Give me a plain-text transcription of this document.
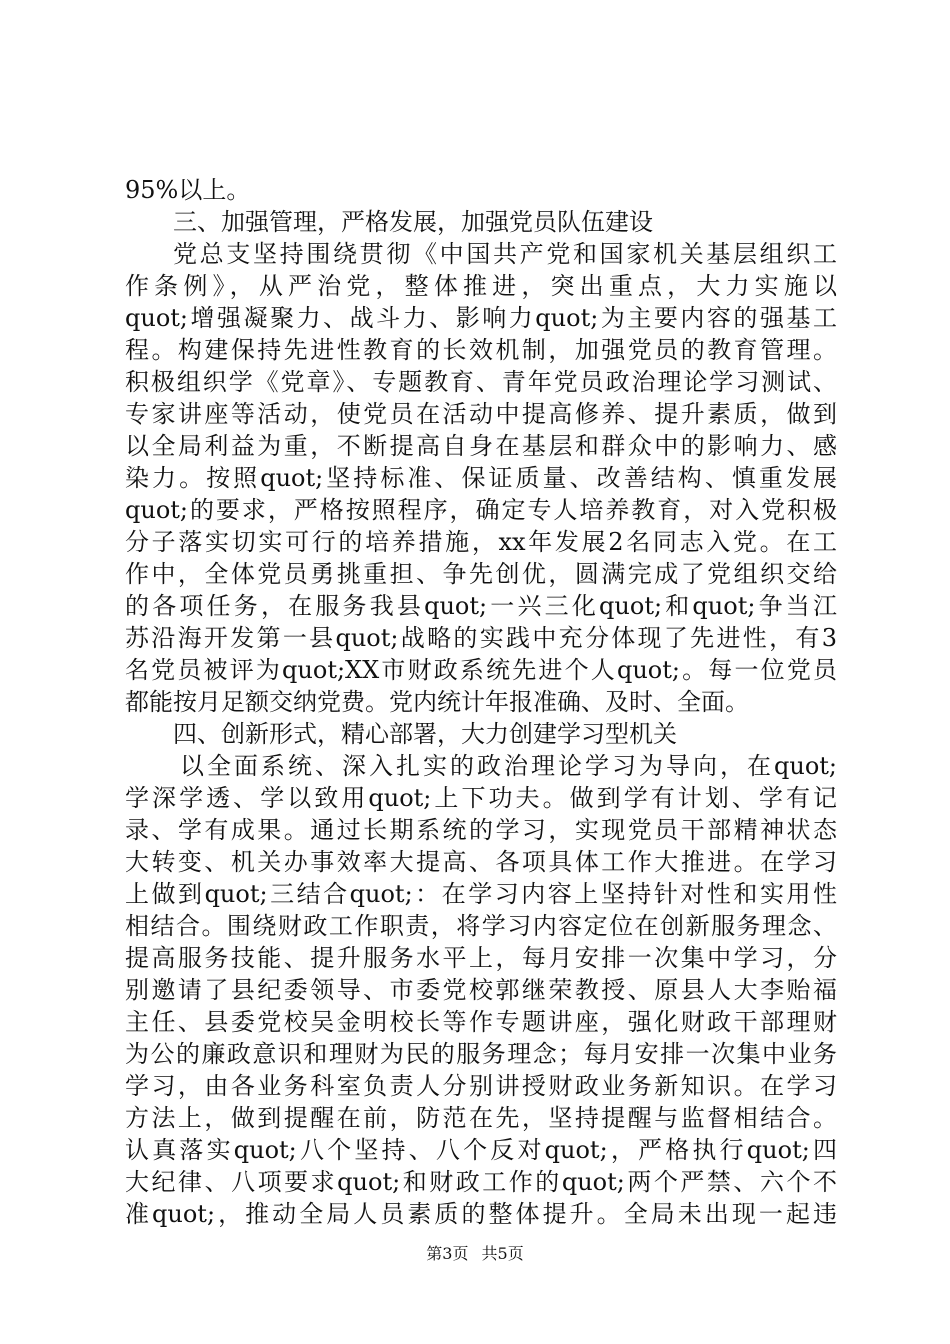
95%以上。
三、加强管理，严格发展，加强党员队伍建设
党总支坚持围绕贯彻《中国共产党和国家机关基层组织工
作条例》，从严治党，整体推进，突出重点，大力实施以
quot;增强凝聚力、战斗力、影响力quot;为主要内容的强基工
程。构建保持先进性教育的长效机制，加强党员的教育管理。
积极组织学《党章》、专题教育、青年党员政治理论学习测试、
专家讲座等活动，使党员在活动中提高修养、提升素质，做到
以全局利益为重，不断提高自身在基层和群众中的影响力、感
染力。按照quot;坚持标准、保证质量、改善结构、慎重发展
quot;的要求，严格按照程序，确定专人培养教育，对入党积极
分子落实切实可行的培养措施，xx年发展2名同志入党。在工
作中，全体党员勇挑重担、争先创优，圆满完成了党组织交给
的各项任务，在服务我县quot;一兴三化quot;和quot;争当江
苏沿海开发第一县quot;战略的实践中充分体现了先进性，有3
名党员被评为quot;XX市财政系统先进个人quot;。每一位党员
都能按月足额交纳党费。党内统计年报准确、及时、全面。
四、创新形式，精心部署，大力创建学习型机关
以全面系统、深入扎实的政治理论学习为导向，在quot;
学深学透、学以致用quot;上下功夫。做到学有计划、学有记
录、学有成果。通过长期系统的学习，实现党员干部精神状态
大转变、机关办事效率大提高、各项具体工作大推进。在学习
上做到quot;三结合quot;：在学习内容上坚持针对性和实用性
相结合。围绕财政工作职责，将学习内容定位在创新服务理念、
提高服务技能、提升服务水平上，每月安排一次集中学习，分
别邀请了县纪委领导、市委党校郭继荣教授、原县人大李贻福
主任、县委党校吴金明校长等作专题讲座，强化财政干部理财
为公的廉政意识和理财为民的服务理念；每月安排一次集中业务
学习，由各业务科室负责人分别讲授财政业务新知识。在学习
方法上，做到提醒在前，防范在先，坚持提醒与监督相结合。
认真落实quot;八个坚持、八个反对quot;，严格执行quot;四
大纪律、八项要求quot;和财政工作的quot;两个严禁、六个不
准quot;，推动全局人员素质的整体提升。全局未出现一起违
第3页 共5页
